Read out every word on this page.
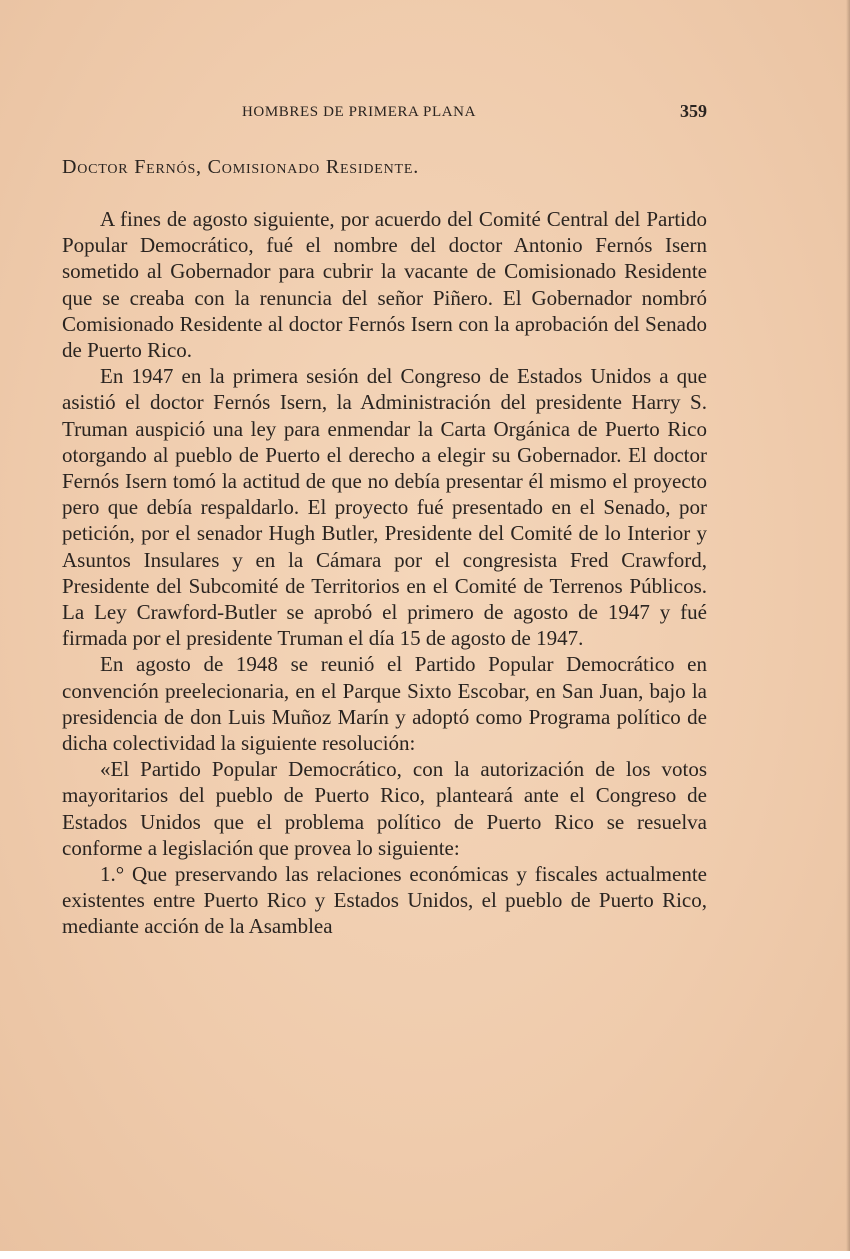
HOMBRES DE PRIMERA PLANA	359
Doctor Fernós, Comisionado Residente.

A fines de agosto siguiente, por acuerdo del Comité Central del Partido Popular Democrático, fué el nombre del doctor Antonio Fernós Isern sometido al Gobernador para cubrir la vacante de Comisionado Residente que se creaba con la renuncia del señor Piñero. El Gobernador nombró Comisionado Residente al doctor Fernós Isern con la aprobación del Senado de Puerto Rico.

En 1947 en la primera sesión del Congreso de Estados Unidos a que asistió el doctor Fernós Isern, la Administración del presidente Harry S. Truman auspició una ley para enmendar la Carta Orgánica de Puerto Rico otorgando al pueblo de Puerto el derecho a elegir su Gobernador. El doctor Fernós Isern tomó la actitud de que no debía presentar él mismo el proyecto pero que debía respaldarlo. El proyecto fué presentado en el Senado, por petición, por el senador Hugh Butler, Presidente del Comité de lo Interior y Asuntos Insulares y en la Cámara por el congresista Fred Crawford, Presidente del Subcomité de Territorios en el Comité de Terrenos Públicos. La Ley Crawford-Butler se aprobó el primero de agosto de 1947 y fué firmada por el presidente Truman el día 15 de agosto de 1947.

En agosto de 1948 se reunió el Partido Popular Democrático en convención preelecionaria, en el Parque Sixto Escobar, en San Juan, bajo la presidencia de don Luis Muñoz Marín y adoptó como Programa político de dicha colectividad la siguiente resolución:

«El Partido Popular Democrático, con la autorización de los votos mayoritarios del pueblo de Puerto Rico, planteará ante el Congreso de Estados Unidos que el problema político de Puerto Rico se resuelva conforme a legislación que provea lo siguiente:

1.° Que preservando las relaciones económicas y fiscales actualmente existentes entre Puerto Rico y Estados Unidos, el pueblo de Puerto Rico, mediante acción de la Asamblea
